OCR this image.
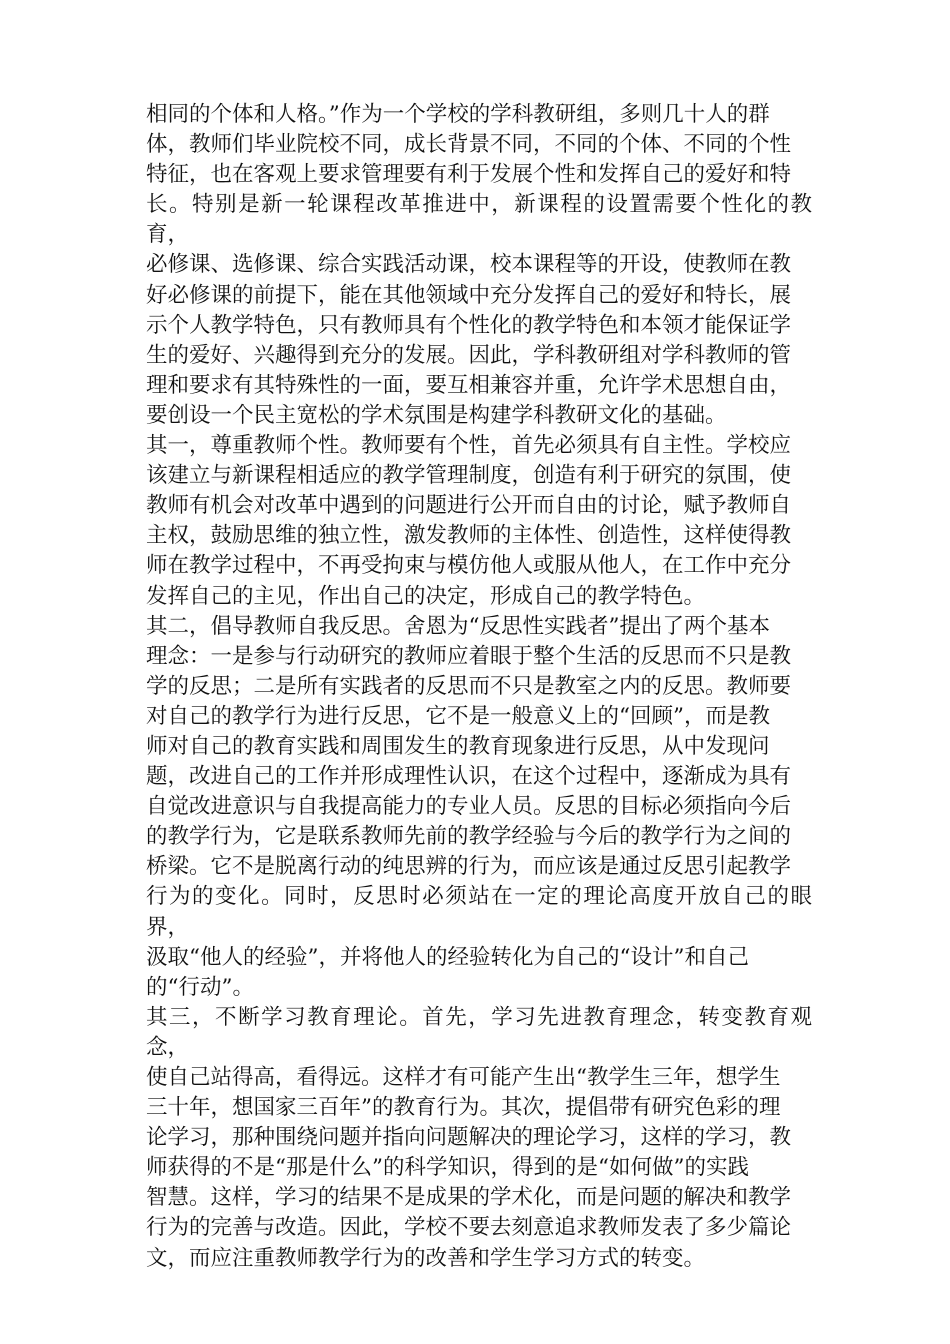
相同的个体和人格。”作为一个学校的学科教研组，多则几十人的群
体，教师们毕业院校不同，成长背景不同，不同的个体、不同的个性
特征，也在客观上要求管理要有利于发展个性和发挥自己的爱好和特
长。特别是新一轮课程改革推进中，新课程的设置需要个性化的教育，
必修课、选修课、综合实践活动课，校本课程等的开设，使教师在教
好必修课的前提下，能在其他领域中充分发挥自己的爱好和特长，展
示个人教学特色，只有教师具有个性化的教学特色和本领才能保证学
生的爱好、兴趣得到充分的发展。因此，学科教研组对学科教师的管
理和要求有其特殊性的一面，要互相兼容并重，允许学术思想自由，
要创设一个民主宽松的学术氛围是构建学科教研文化的基础。

其一，尊重教师个性。教师要有个性，首先必须具有自主性。学校应
该建立与新课程相适应的教学管理制度，创造有利于研究的氛围，使
教师有机会对改革中遇到的问题进行公开而自由的讨论，赋予教师自
主权，鼓励思维的独立性，激发教师的主体性、创造性，这样使得教
师在教学过程中，不再受拘束与模仿他人或服从他人，在工作中充分
发挥自己的主见，作出自己的决定，形成自己的教学特色。

其二，倡导教师自我反思。舍恩为“反思性实践者”提出了两个基本
理念：一是参与行动研究的教师应着眼于整个生活的反思而不只是教
学的反思；二是所有实践者的反思而不只是教室之内的反思。教师要
对自己的教学行为进行反思，它不是一般意义上的“回顾”，而是教
师对自己的教育实践和周围发生的教育现象进行反思，从中发现问
题，改进自己的工作并形成理性认识，在这个过程中，逐渐成为具有
自觉改进意识与自我提高能力的专业人员。反思的目标必须指向今后
的教学行为，它是联系教师先前的教学经验与今后的教学行为之间的
桥梁。它不是脱离行动的纯思辨的行为，而应该是通过反思引起教学
行为的变化。同时，反思时必须站在一定的理论高度开放自己的眼界，
汲取“他人的经验”，并将他人的经验转化为自己的“设计”和自己
的“行动”。

其三，不断学习教育理论。首先，学习先进教育理念，转变教育观念，
使自己站得高，看得远。这样才有可能产生出“教学生三年，想学生
三十年，想国家三百年”的教育行为。其次，提倡带有研究色彩的理
论学习，那种围绕问题并指向问题解决的理论学习，这样的学习，教
师获得的不是“那是什么”的科学知识，得到的是“如何做”的实践
智慧。这样，学习的结果不是成果的学术化，而是问题的解决和教学
行为的完善与改造。因此，学校不要去刻意追求教师发表了多少篇论
文，而应注重教师教学行为的改善和学生学习方式的转变。
